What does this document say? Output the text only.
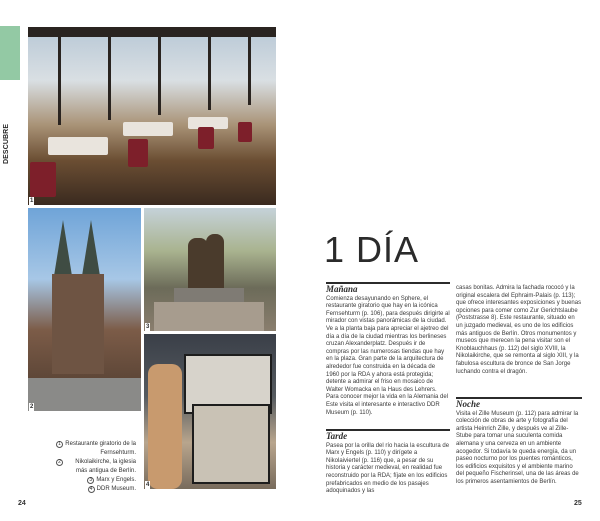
DESCUBRE
1
2
3
4
1 Restaurante giratorio de la Fernsehturm.
2	Nikolaikirche, la iglesia más antigua de Berlín.
3 Marx y Engels.
4 DDR Museum.
24	25
1 DÍA
Mañana

Comienza desayunando en Sphere, el restaurante giratorio que hay en la icónica Fernsehturm (p. 106), para después dirigirte al mirador con vistas panorámicas de la ciudad. Ve a la planta baja para apreciar el ajetreo del día a día de la ciudad mientras los berlineses cruzan Alexanderplatz. Después ir de compras por las numerosas tiendas que hay en la plaza. Gran parte de la arquitectura de alrededor fue construida en la década de 1960 por la RDA y ahora está protegida; detente a admirar el friso en mosaico de Walter Womacka en la Haus des Lehrers. Para conocer mejor la vida en la Alemania del Este visita el interesante e interactivo DDR Museum (p. 110).

Tarde

Pasea por la orilla del río hacia la escultura de Marx y Engels (p. 110) y dirígete a Nikolaiviertel (p. 116) que, a pesar de su historia y carácter medieval, en realidad fue reconstruido por la RDA; fíjate en los edificios prefabricados en medio de los pasajes adoquinados y las

casas bonitas. Admira la fachada rococó y la original escalera del Ephraim-Palais (p. 113); que ofrece interesantes exposiciones y buenas opciones para comer como Zur Gerichtslaube (Poststrasse 8). Este restaurante, situado en un juzgado medieval, es uno de los edificios más antiguos de Berlín. Otros monumentos y museos que merecen la pena visitar son el Knoblauchhaus (p. 112) del siglo XVIII, la Nikolaikirche, que se remonta al siglo XIII, y la fabulosa escultura de bronce de San Jorge luchando contra el dragón.

Noche

Visita el Zille Museum (p. 112) para admirar la colección de obras de arte y fotografía del artista Heinrich Zille, y después ve al Zille-Stube para tomar una suculenta comida alemana y una cerveza en un ambiente acogedor. Si todavía te queda energía, da un paseo nocturno por los puentes románticos, los edificios exquisitos y el ambiente marino del pequeño Fischerinsel, una de las áreas de los primeros asentamientos de Berlín.
